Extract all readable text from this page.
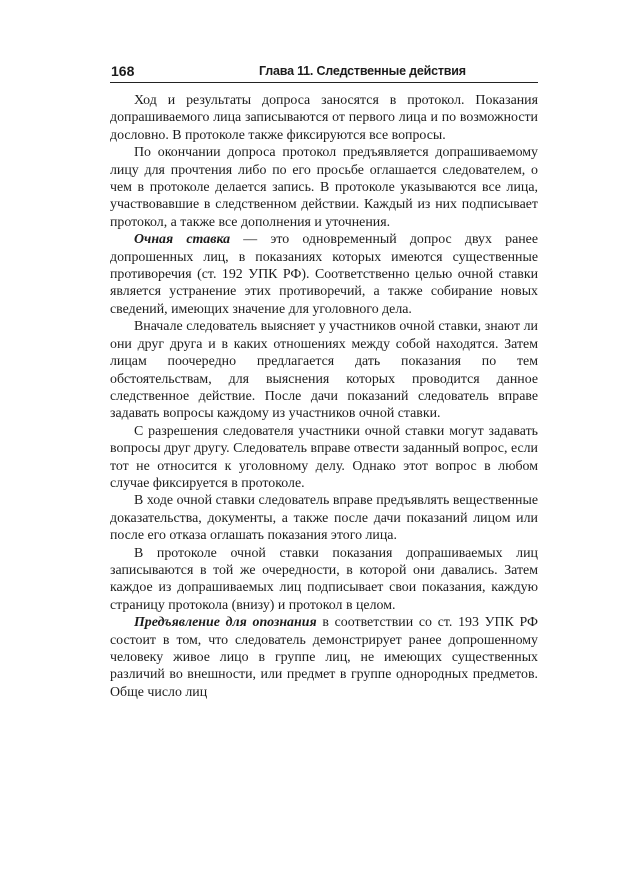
168	Глава 11. Следственные действия

Ход и результаты допроса заносятся в протокол. Показания допрашиваемого лица записываются от первого лица и по возможности дословно. В протоколе также фиксируются все вопросы.

По окончании допроса протокол предъявляется допрашиваемому лицу для прочтения либо по его просьбе оглашается следователем, о чем в протоколе делается запись. В протоколе указываются все лица, участвовавшие в следственном действии. Каждый из них подписывает протокол, а также все дополнения и уточнения.

Очная ставка — это одновременный допрос двух ранее допрошенных лиц, в показаниях которых имеются существенные противоречия (ст. 192 УПК РФ). Соответственно целью очной ставки является устранение этих противоречий, а также собирание новых сведений, имеющих значение для уголовного дела.

Вначале следователь выясняет у участников очной ставки, знают ли они друг друга и в каких отношениях между собой находятся. Затем лицам поочередно предлагается дать показания по тем обстоятельствам, для выяснения которых проводится данное следственное действие. После дачи показаний следователь вправе задавать вопросы каждому из участников очной ставки.

С разрешения следователя участники очной ставки могут задавать вопросы друг другу. Следователь вправе отвести заданный вопрос, если тот не относится к уголовному делу. Однако этот вопрос в любом случае фиксируется в протоколе.

В ходе очной ставки следователь вправе предъявлять вещественные доказательства, документы, а также после дачи показаний лицом или после его отказа оглашать показания этого лица.

В протоколе очной ставки показания допрашиваемых лиц записываются в той же очередности, в которой они давались. Затем каждое из допрашиваемых лиц подписывает свои показания, каждую страницу протокола (внизу) и протокол в целом.

Предъявление для опознания в соответствии со ст. 193 УПК РФ состоит в том, что следователь демонстрирует ранее допрошенному человеку живое лицо в группе лиц, не имеющих существенных различий во внешности, или предмет в группе однородных предметов. Обще число лиц
